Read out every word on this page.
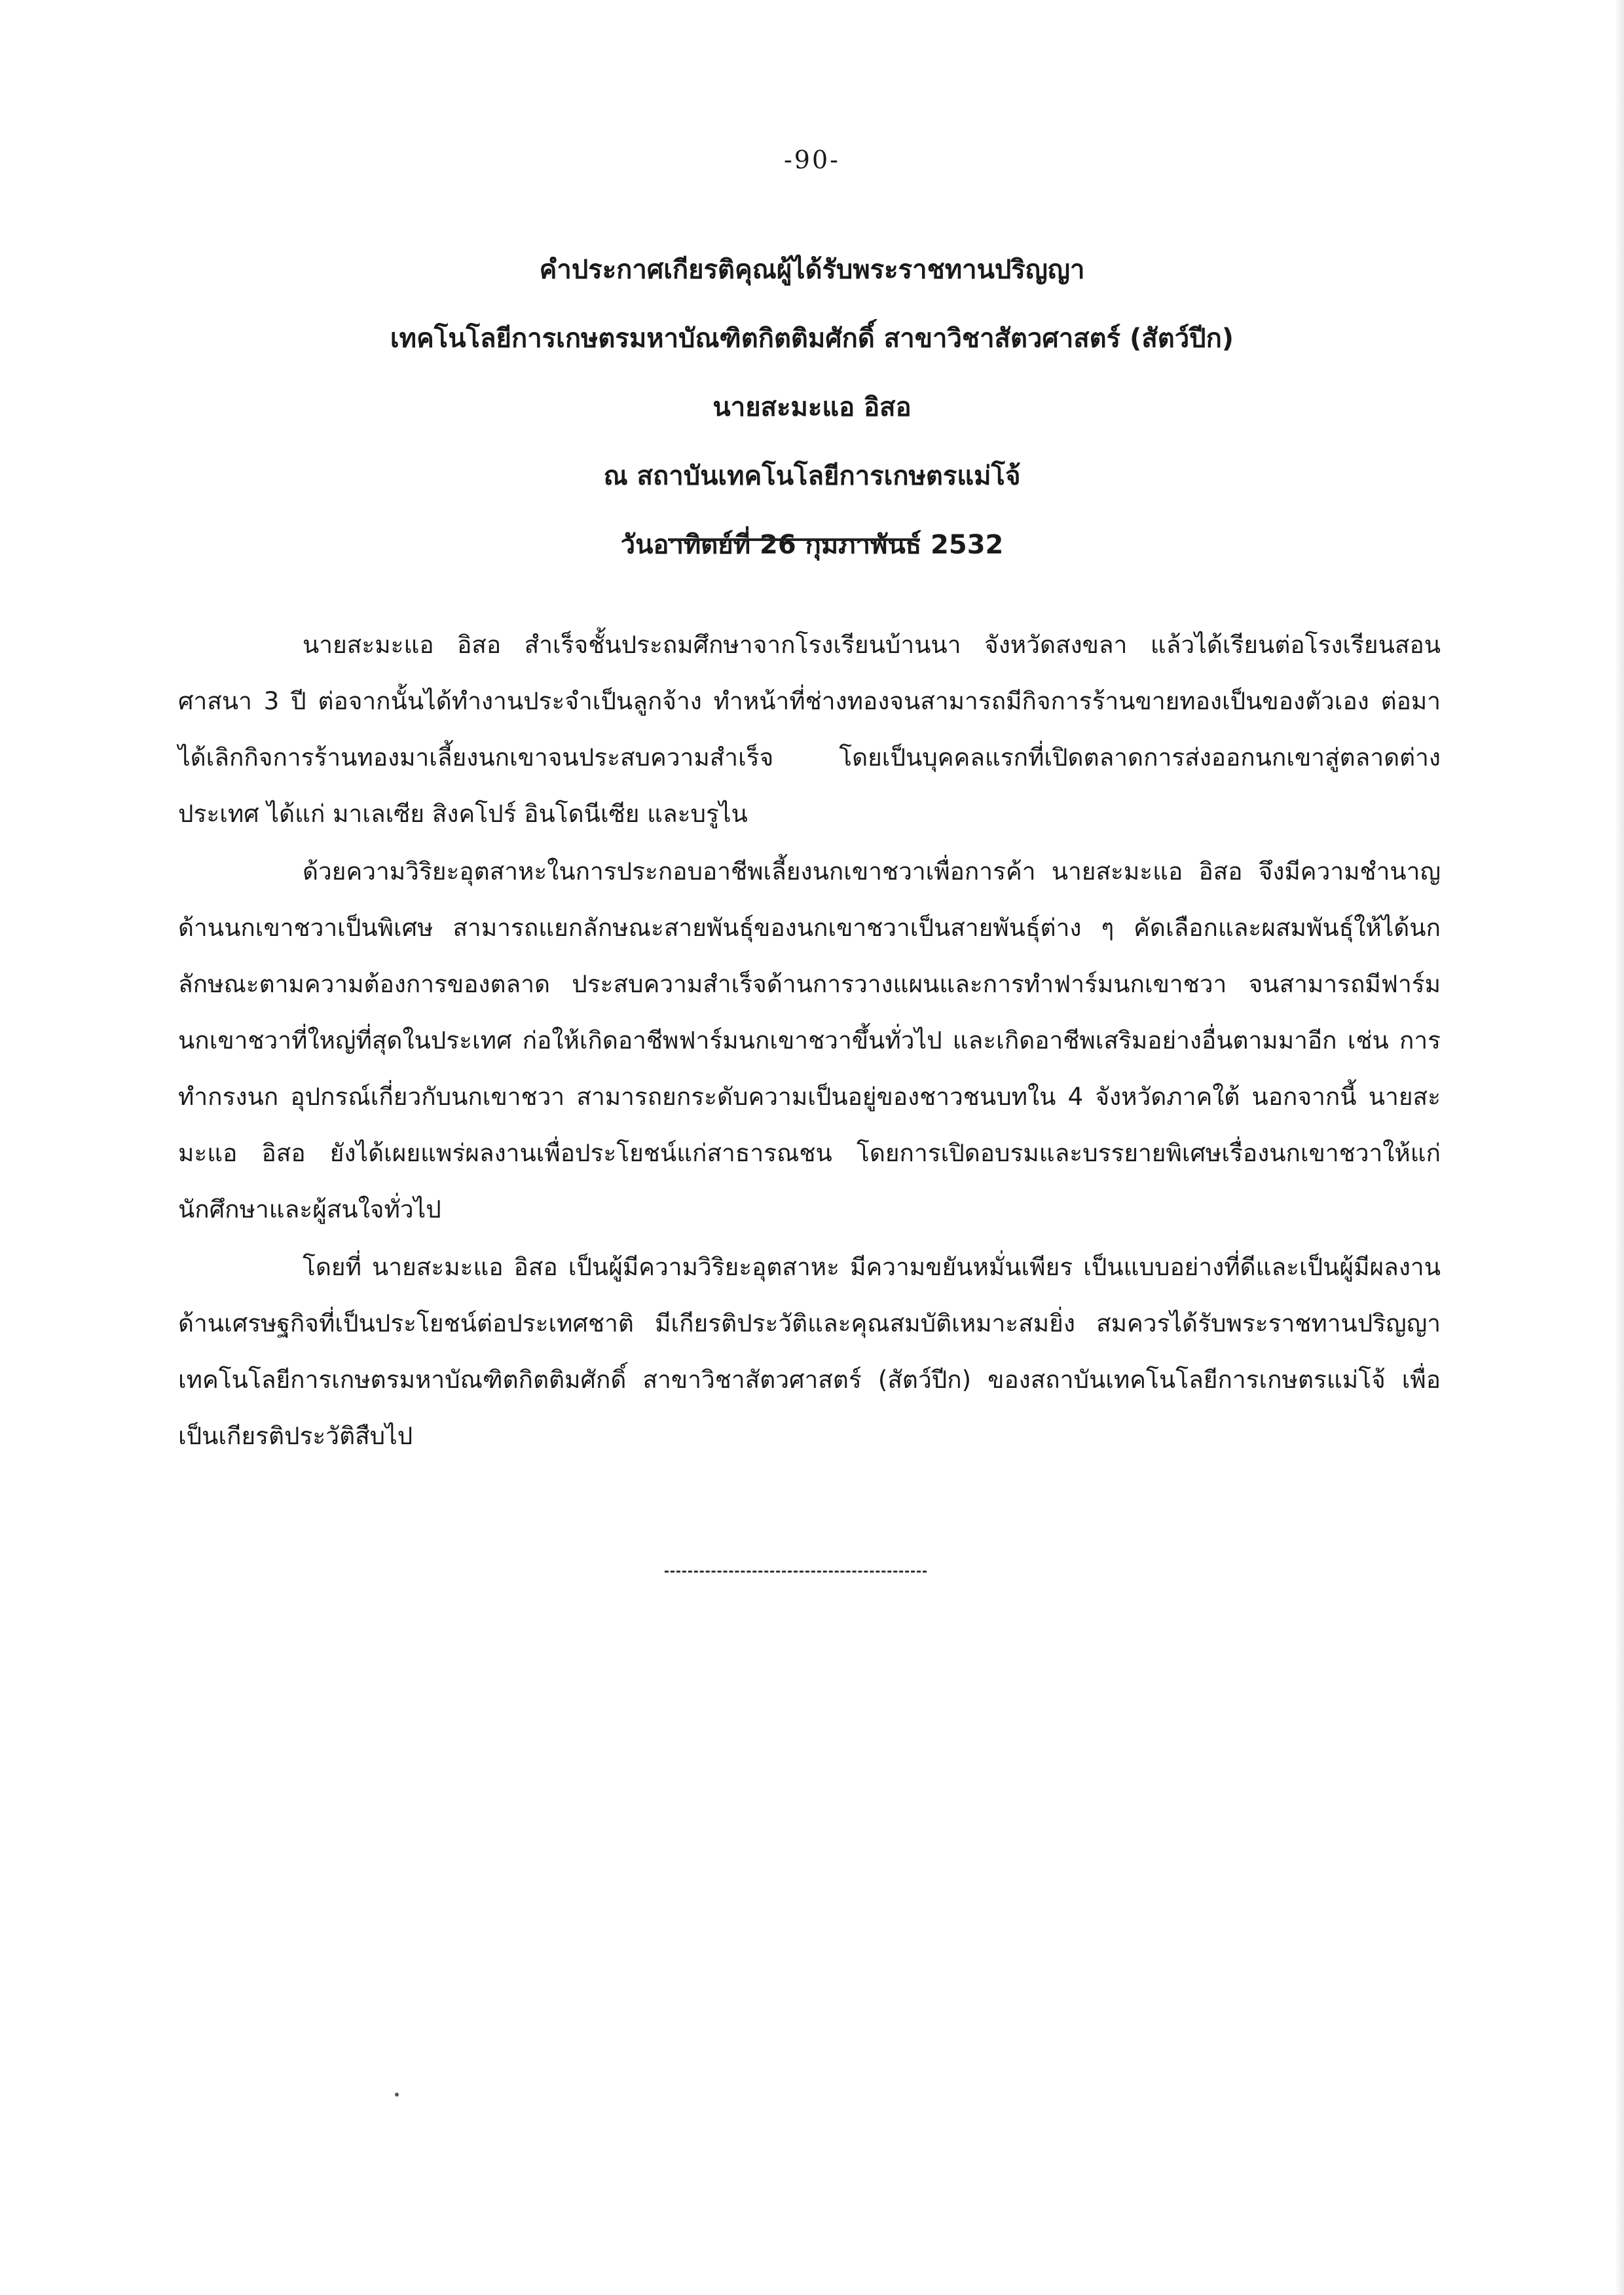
-90-
คำประกาศเกียรติคุณผู้ได้รับพระราชทานปริญญา
เทคโนโลยีการเกษตรมหาบัณฑิตกิตติมศักดิ์ สาขาวิชาสัตวศาสตร์ (สัตว์ปีก)
นายสะมะแอ อิสอ
ณ สถาบันเทคโนโลยีการเกษตรแม่โจ้
วันอาทิตย์ที่ 26 กุมภาพันธ์ 2532

นายสะมะแอ อิสอ สำเร็จชั้นประถมศึกษาจากโรงเรียนบ้านนา จังหวัดสงขลา แล้วได้เรียนต่อโรงเรียนสอนศาสนา 3 ปี ต่อจากนั้นได้ทำงานประจำเป็นลูกจ้าง ทำหน้าที่ช่างทองจนสามารถมีกิจการร้านขายทองเป็นของตัวเอง ต่อมาได้เลิกกิจการร้านทองมาเลี้ยงนกเขาจนประสบความสำเร็จ โดยเป็นบุคคลแรกที่เปิดตลาดการส่งออกนกเขาสู่ตลาดต่างประเทศ ได้แก่ มาเลเซีย สิงคโปร์ อินโดนีเซีย และบรูไน

ด้วยความวิริยะอุตสาหะในการประกอบอาชีพเลี้ยงนกเขาชวาเพื่อการค้า นายสะมะแอ อิสอ จึงมีความชำนาญด้านนกเขาชวาเป็นพิเศษ สามารถแยกลักษณะสายพันธุ์ของนกเขาชวาเป็นสายพันธุ์ต่าง ๆ คัดเลือกและผสมพันธุ์ให้ได้นกลักษณะตามความต้องการของตลาด ประสบความสำเร็จด้านการวางแผนและการทำฟาร์มนกเขาชวา จนสามารถมีฟาร์มนกเขาชวาที่ใหญ่ที่สุดในประเทศ ก่อให้เกิดอาชีพฟาร์มนกเขาชวาขึ้นทั่วไป และเกิดอาชีพเสริมอย่างอื่นตามมาอีก เช่น การทำกรงนก อุปกรณ์เกี่ยวกับนกเขาชวา สามารถยกระดับความเป็นอยู่ของชาวชนบทใน 4 จังหวัดภาคใต้ นอกจากนี้ นายสะมะแอ อิสอ ยังได้เผยแพร่ผลงานเพื่อประโยชน์แก่สาธารณชน โดยการเปิดอบรมและบรรยายพิเศษเรื่องนกเขาชวาให้แก่นักศึกษาและผู้สนใจทั่วไป

โดยที่ นายสะมะแอ อิสอ เป็นผู้มีความวิริยะอุตสาหะ มีความขยันหมั่นเพียร เป็นแบบอย่างที่ดีและเป็นผู้มีผลงานด้านเศรษฐกิจที่เป็นประโยชน์ต่อประเทศชาติ มีเกียรติประวัติและคุณสมบัติเหมาะสมยิ่ง สมควรได้รับพระราชทานปริญญาเทคโนโลยีการเกษตรมหาบัณฑิตกิตติมศักดิ์ สาขาวิชาสัตวศาสตร์ (สัตว์ปีก) ของสถาบันเทคโนโลยีการเกษตรแม่โจ้ เพื่อเป็นเกียรติประวัติสืบไป
